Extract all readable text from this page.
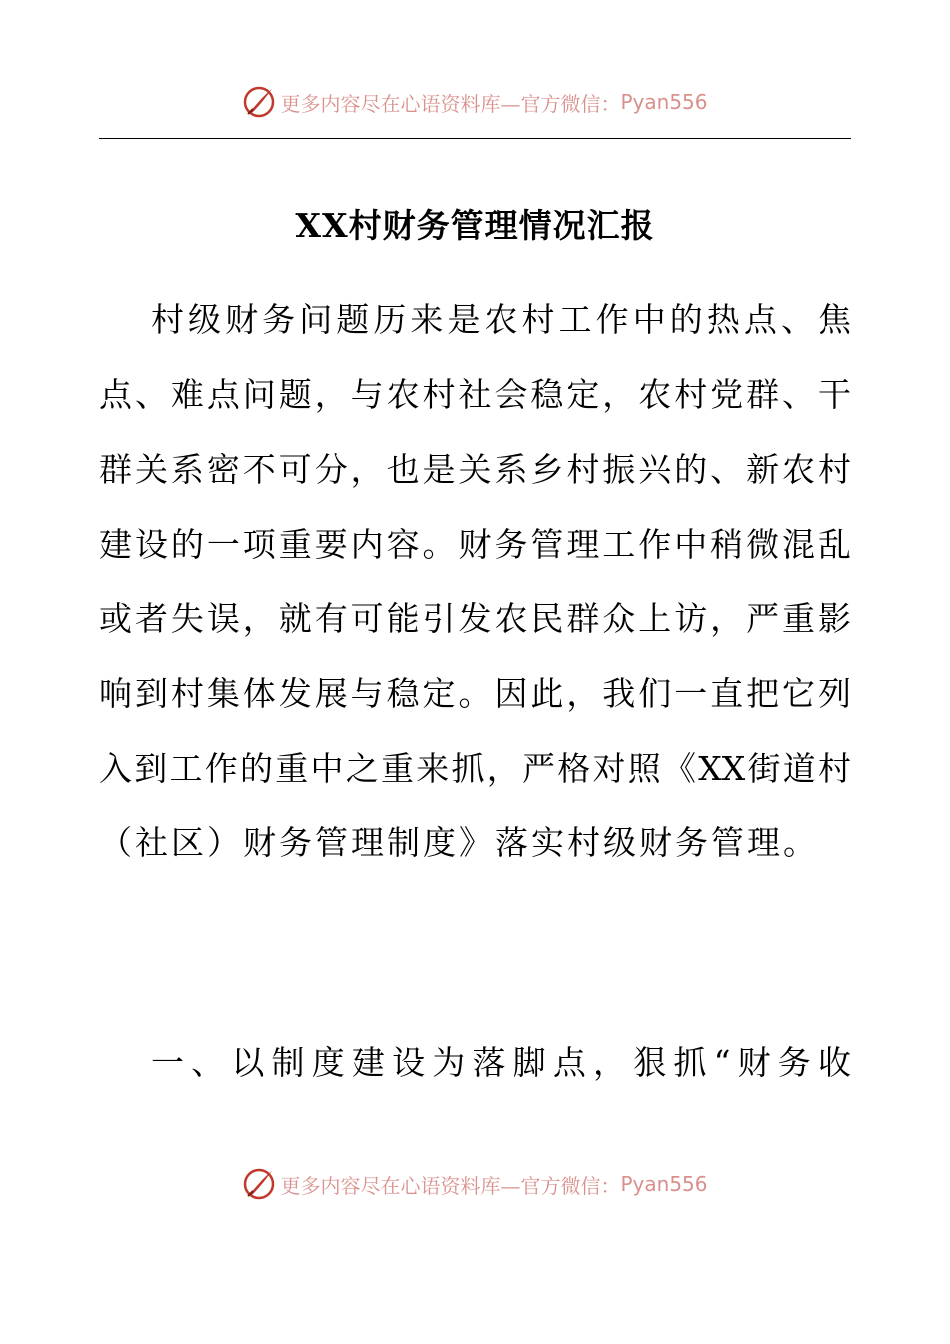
更多内容尽在心语资料库—官方微信： Pyan556
XX村财务管理情况汇报
村级财务问题历来是农村工作中的热点、焦
点、难点问题，与农村社会稳定，农村党群、干
群关系密不可分，也是关系乡村振兴的、新农村
建设的一项重要内容。财务管理工作中稍微混乱
或者失误，就有可能引发农民群众上访，严重影
响到村集体发展与稳定。因此，我们一直把它列
入到工作的重中之重来抓，严格对照《XX街道村
（社区）财务管理制度》落实村级财务管理。
一、以制度建设为落脚点，狠抓“财务收
更多内容尽在心语资料库—官方微信： Pyan556
